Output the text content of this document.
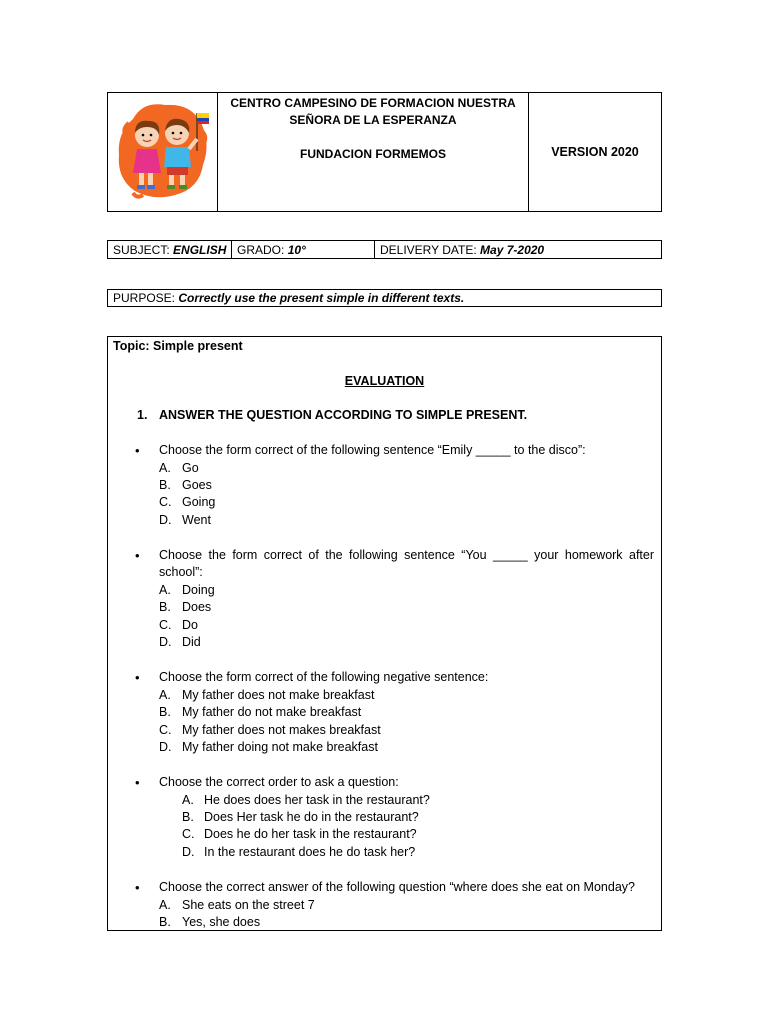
CENTRO CAMPESINO DE FORMACION NUESTRA
SEÑORA DE LA ESPERANZA
FUNDACION FORMEMOS	VERSION 2020
SUBJECT: ENGLISH GRADO: 10°	DELIVERY DATE: May 7-2020
PURPOSE: Correctly use the present simple in different texts.
Topic: Simple present
EVALUATION
1. ANSWER THE QUESTION ACCORDING TO SIMPLE PRESENT.
• Choose the form correct of the following sentence “Emily _____ to the disco”:
A. Go
B. Goes
C. Going
D. Went
• Choose the form correct of the following sentence “You _____ your homework after
school”:
A. Doing
B. Does
C. Do
D. Did
• Choose the form correct of the following negative sentence:
A. My father does not make breakfast
B. My father do not make breakfast
C. My father does not makes breakfast
D. My father doing not make breakfast
• Choose the correct order to ask a question:
A. He does does her task in the restaurant?
B. Does Her task he do in the restaurant?
C. Does he do her task in the restaurant?
D. In the restaurant does he do task her?
• Choose the correct answer of the following question “where does she eat on Monday?
A. She eats on the street 7
B. Yes, she does
